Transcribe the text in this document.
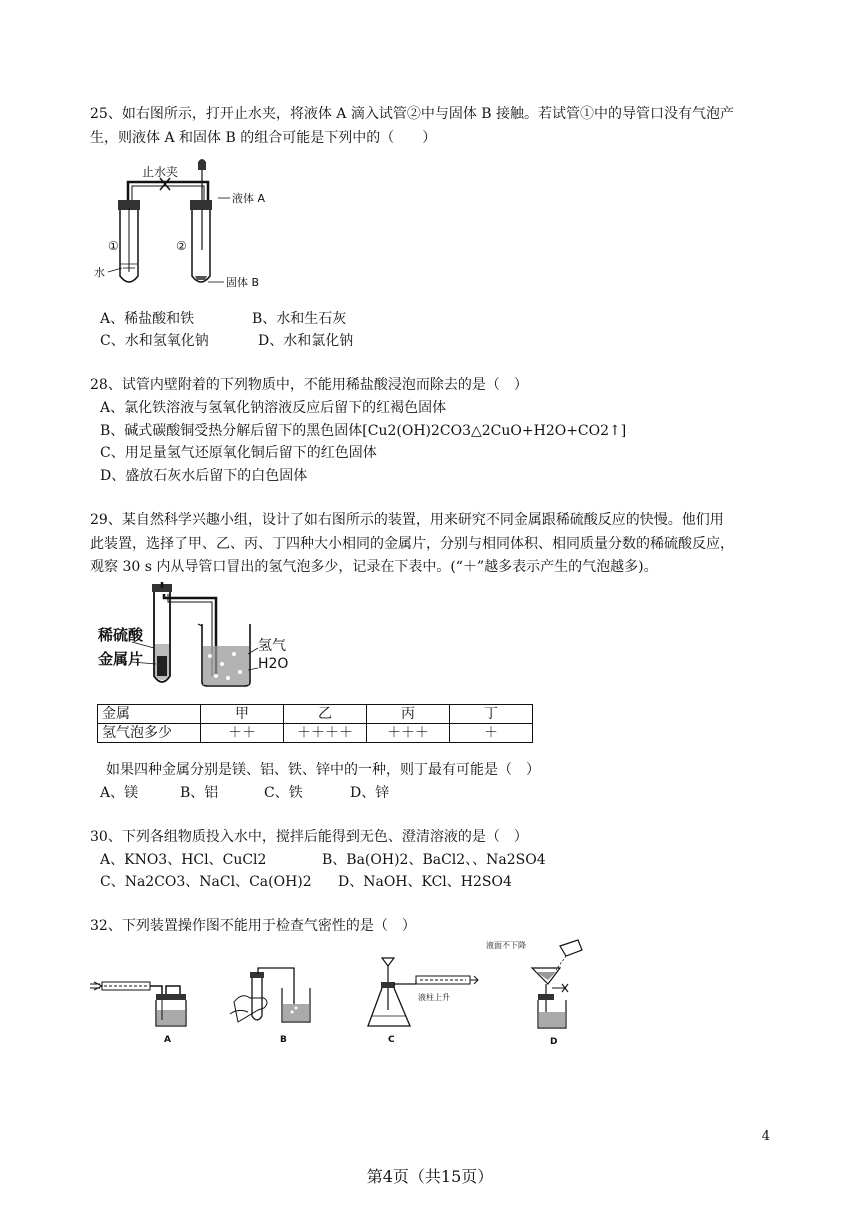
25、如右图所示，打开止水夹，将液体 A 滴入试管②中与固体 B 接触。若试管①中的导管口没有气泡产
生，则液体 A 和固体 B 的组合可能是下列中的（　　）
止水夹
液体 A
①	②
水
固体 B
A、稀盐酸和铁	B、水和生石灰
C、水和氢氧化钠	D、水和氯化钠
28、试管内壁附着的下列物质中，不能用稀盐酸浸泡而除去的是（　）
A、氯化铁溶液与氢氧化钠溶液反应后留下的红褐色固体
B、碱式碳酸铜受热分解后留下的黑色固体[Cu2(OH)2CO3△2CuO+H2O+CO2↑]
C、用足量氢气还原氧化铜后留下的红色固体
D、盛放石灰水后留下的白色固体
29、某自然科学兴趣小组，设计了如右图所示的装置，用来研究不同金属跟稀硫酸反应的快慢。他们用
此装置，选择了甲、乙、丙、丁四种大小相同的金属片，分别与相同体积、相同质量分数的稀硫酸反应，
观察 30 s 内从导管口冒出的氢气泡多少，记录在下表中。(“＋”越多表示产生的气泡越多)。
稀硫酸
金属片
氢气
H2O
金属	甲	乙	丙	丁
氢气泡多少	＋＋	＋＋＋＋	＋＋＋	＋
如果四种金属分别是镁、铝、铁、锌中的一种，则丁最有可能是（　）
A、镁	B、铝	C、铁	D、锌
30、下列各组物质投入水中，搅拌后能得到无色、澄清溶液的是（　）
A、KNO3、HCl、CuCl2	B、Ba(OH)2、BaCl2、、Na2SO4
C、Na2CO3、NaCl、Ca(OH)2 D、NaOH、KCl、H2SO4
32、下列装置操作图不能用于检查气密性的是（　）
A	B
液柱上升
C
液面不下降
D
4
第4页（共15页）
